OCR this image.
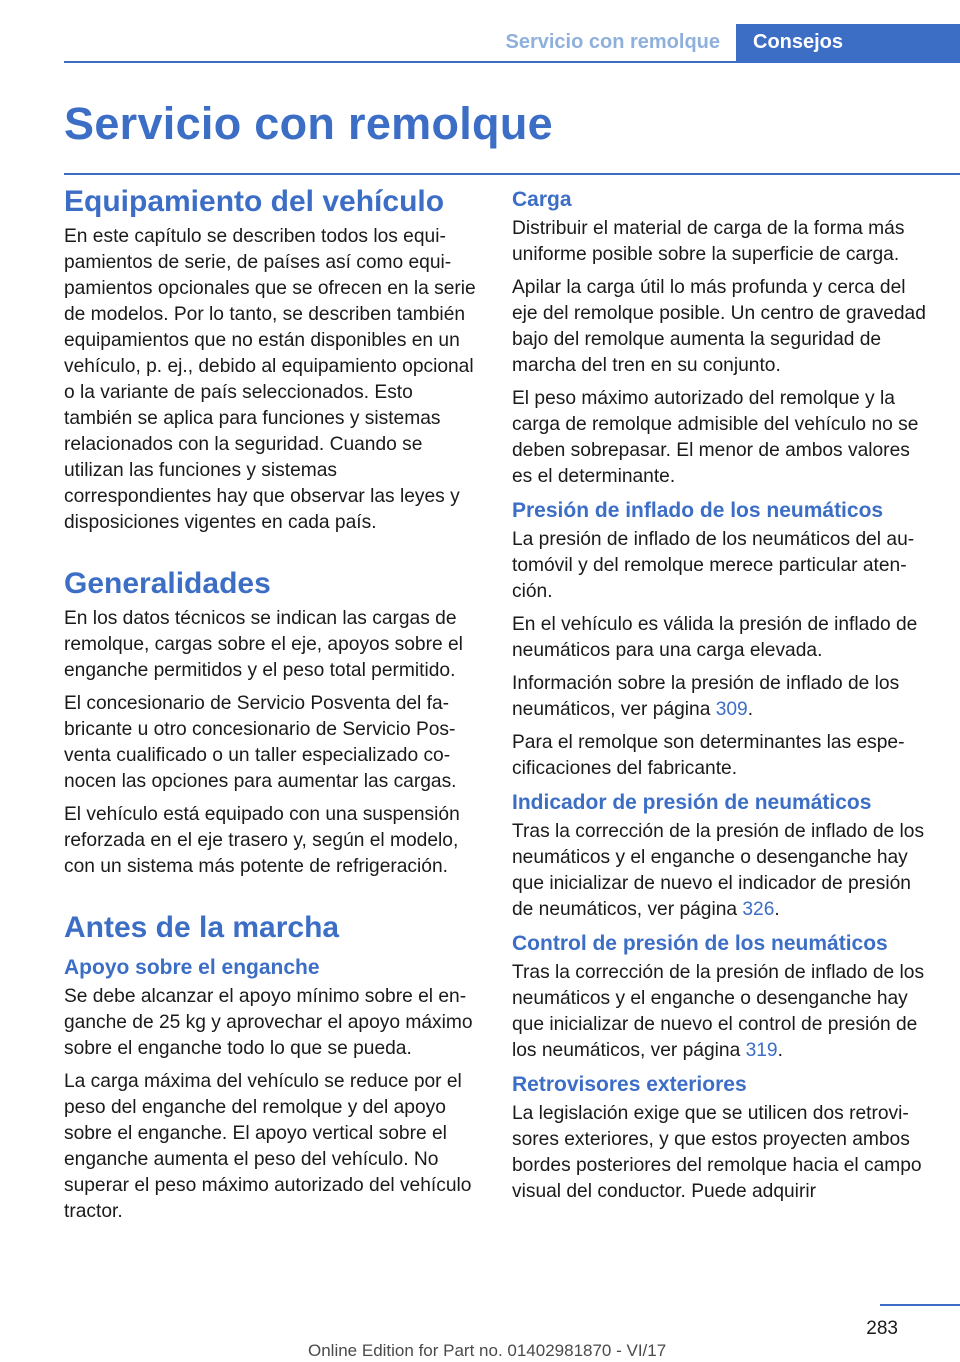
Servicio con remolque	Consejos
Servicio con remolque
Equipamiento del vehículo

En este capítulo se describen todos los equipamientos de serie, de países así como equipamientos opcionales que se ofrecen en la serie de modelos. Por lo tanto, se describen también equipamientos que no están disponibles en un vehículo, p. ej., debido al equipamiento opcional o la variante de país seleccionados. Esto también se aplica para funciones y sistemas relacionados con la seguridad. Cuando se utilizan las funciones y sistemas correspondientes hay que observar las leyes y disposiciones vigentes en cada país.

Generalidades

En los datos técnicos se indican las cargas de remolque, cargas sobre el eje, apoyos sobre el enganche permitidos y el peso total permitido.

El concesionario de Servicio Posventa del fabricante u otro concesionario de Servicio Posventa cualificado o un taller especializado conocen las opciones para aumentar las cargas.

El vehículo está equipado con una suspensión reforzada en el eje trasero y, según el modelo, con un sistema más potente de refrigeración.

Antes de la marcha
Apoyo sobre el enganche

Se debe alcanzar el apoyo mínimo sobre el enganche de 25 kg y aprovechar el apoyo máximo sobre el enganche todo lo que se pueda.

La carga máxima del vehículo se reduce por el peso del enganche del remolque y del apoyo sobre el enganche. El apoyo vertical sobre el enganche aumenta el peso del vehículo. No superar el peso máximo autorizado del vehículo tractor.

Carga

Distribuir el material de carga de la forma más uniforme posible sobre la superficie de carga.

Apilar la carga útil lo más profunda y cerca del eje del remolque posible. Un centro de gravedad bajo del remolque aumenta la seguridad de marcha del tren en su conjunto.

El peso máximo autorizado del remolque y la carga de remolque admisible del vehículo no se deben sobrepasar. El menor de ambos valores es el determinante.

Presión de inflado de los neumáticos

La presión de inflado de los neumáticos del automóvil y del remolque merece particular atención.

En el vehículo es válida la presión de inflado de neumáticos para una carga elevada.

Información sobre la presión de inflado de los neumáticos, ver página 309.

Para el remolque son determinantes las especificaciones del fabricante.

Indicador de presión de neumáticos

Tras la corrección de la presión de inflado de los neumáticos y el enganche o desenganche hay que inicializar de nuevo el indicador de presión de neumáticos, ver página 326.

Control de presión de los neumáticos

Tras la corrección de la presión de inflado de los neumáticos y el enganche o desenganche hay que inicializar de nuevo el control de presión de los neumáticos, ver página 319.

Retrovisores exteriores

La legislación exige que se utilicen dos retrovisores exteriores, y que estos proyecten ambos bordes posteriores del remolque hacia el campo visual del conductor. Puede adquirir

283
Online Edition for Part no. 01402981870 - VI/17
